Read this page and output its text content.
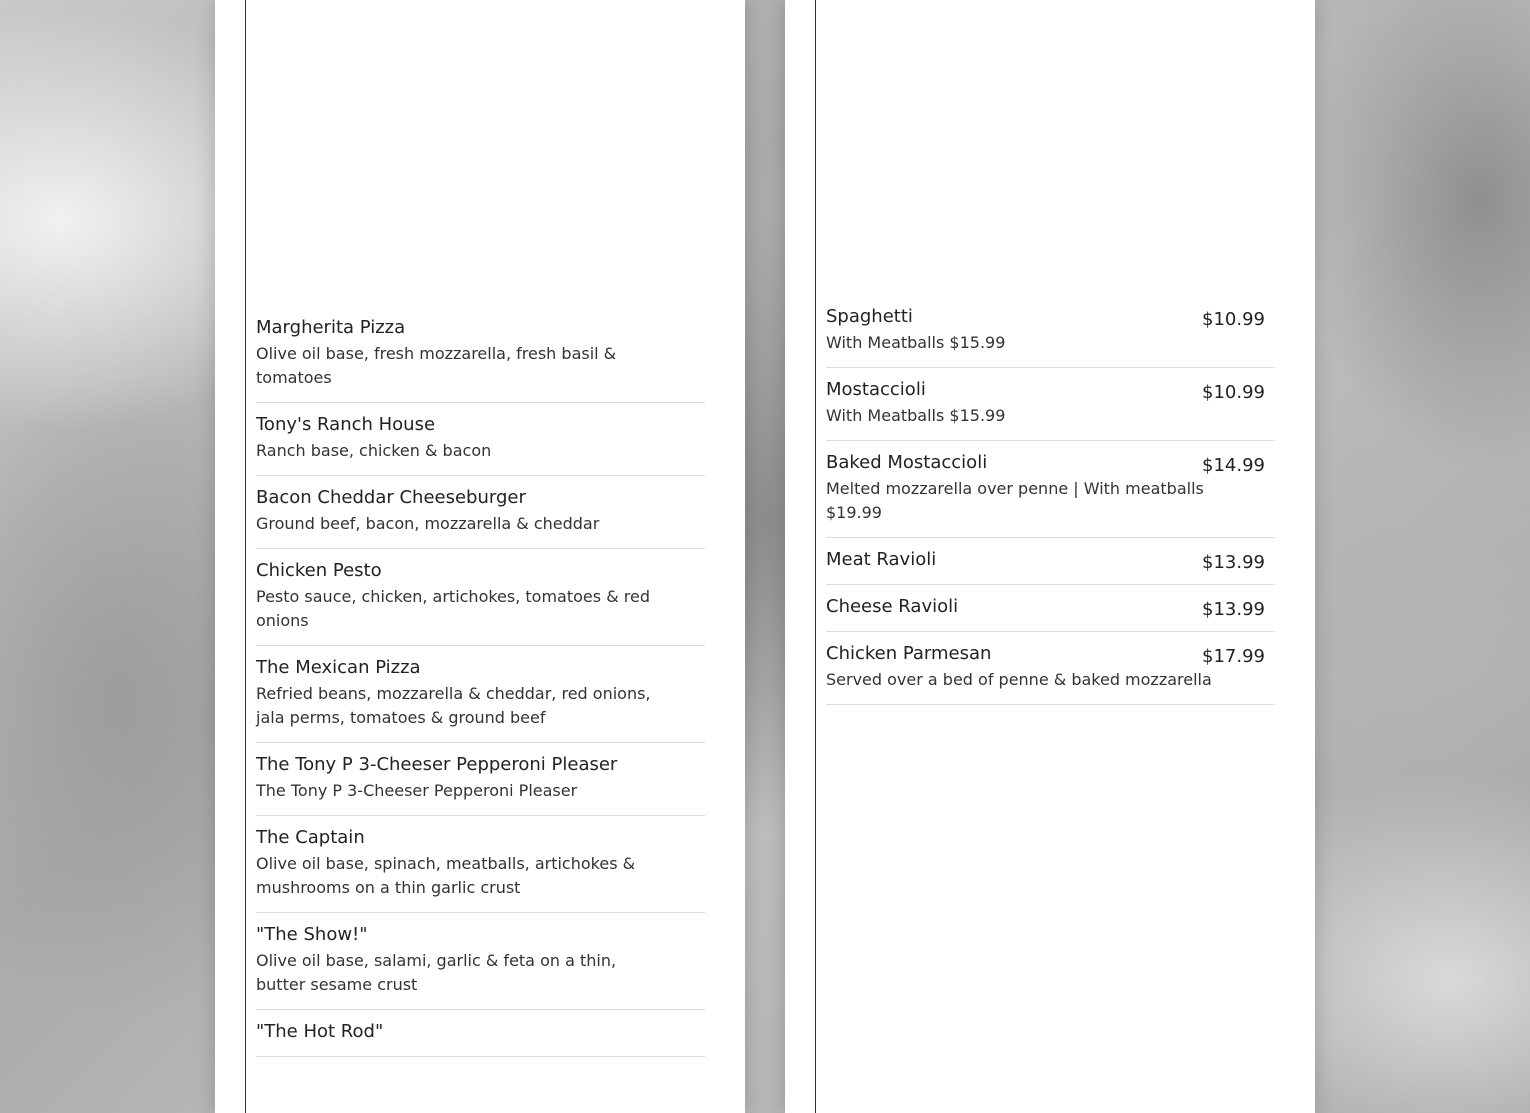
Margherita Pizza
Olive oil base, fresh mozzarella, fresh basil & tomatoes
Tony's Ranch House
Ranch base, chicken & bacon
Bacon Cheddar Cheeseburger
Ground beef, bacon, mozzarella & cheddar
Chicken Pesto
Pesto sauce, chicken, artichokes, tomatoes & red onions
The Mexican Pizza
Refried beans, mozzarella & cheddar, red onions, jala perms, tomatoes & ground beef
The Tony P 3-Cheeser Pepperoni Pleaser
The Tony P 3-Cheeser Pepperoni Pleaser
The Captain
Olive oil base, spinach, meatballs, artichokes & mushrooms on a thin garlic crust
"The Show!"
Olive oil base, salami, garlic & feta on a thin, butter sesame crust
"The Hot Rod"
Spaghetti
With Meatballs $15.99
$10.99
Mostaccioli
With Meatballs $15.99
$10.99
Baked Mostaccioli
Melted mozzarella over penne | With meatballs $19.99
$14.99
Meat Ravioli	$13.99
Cheese Ravioli	$13.99
Chicken Parmesan
Served over a bed of penne & baked mozzarella
$17.99
